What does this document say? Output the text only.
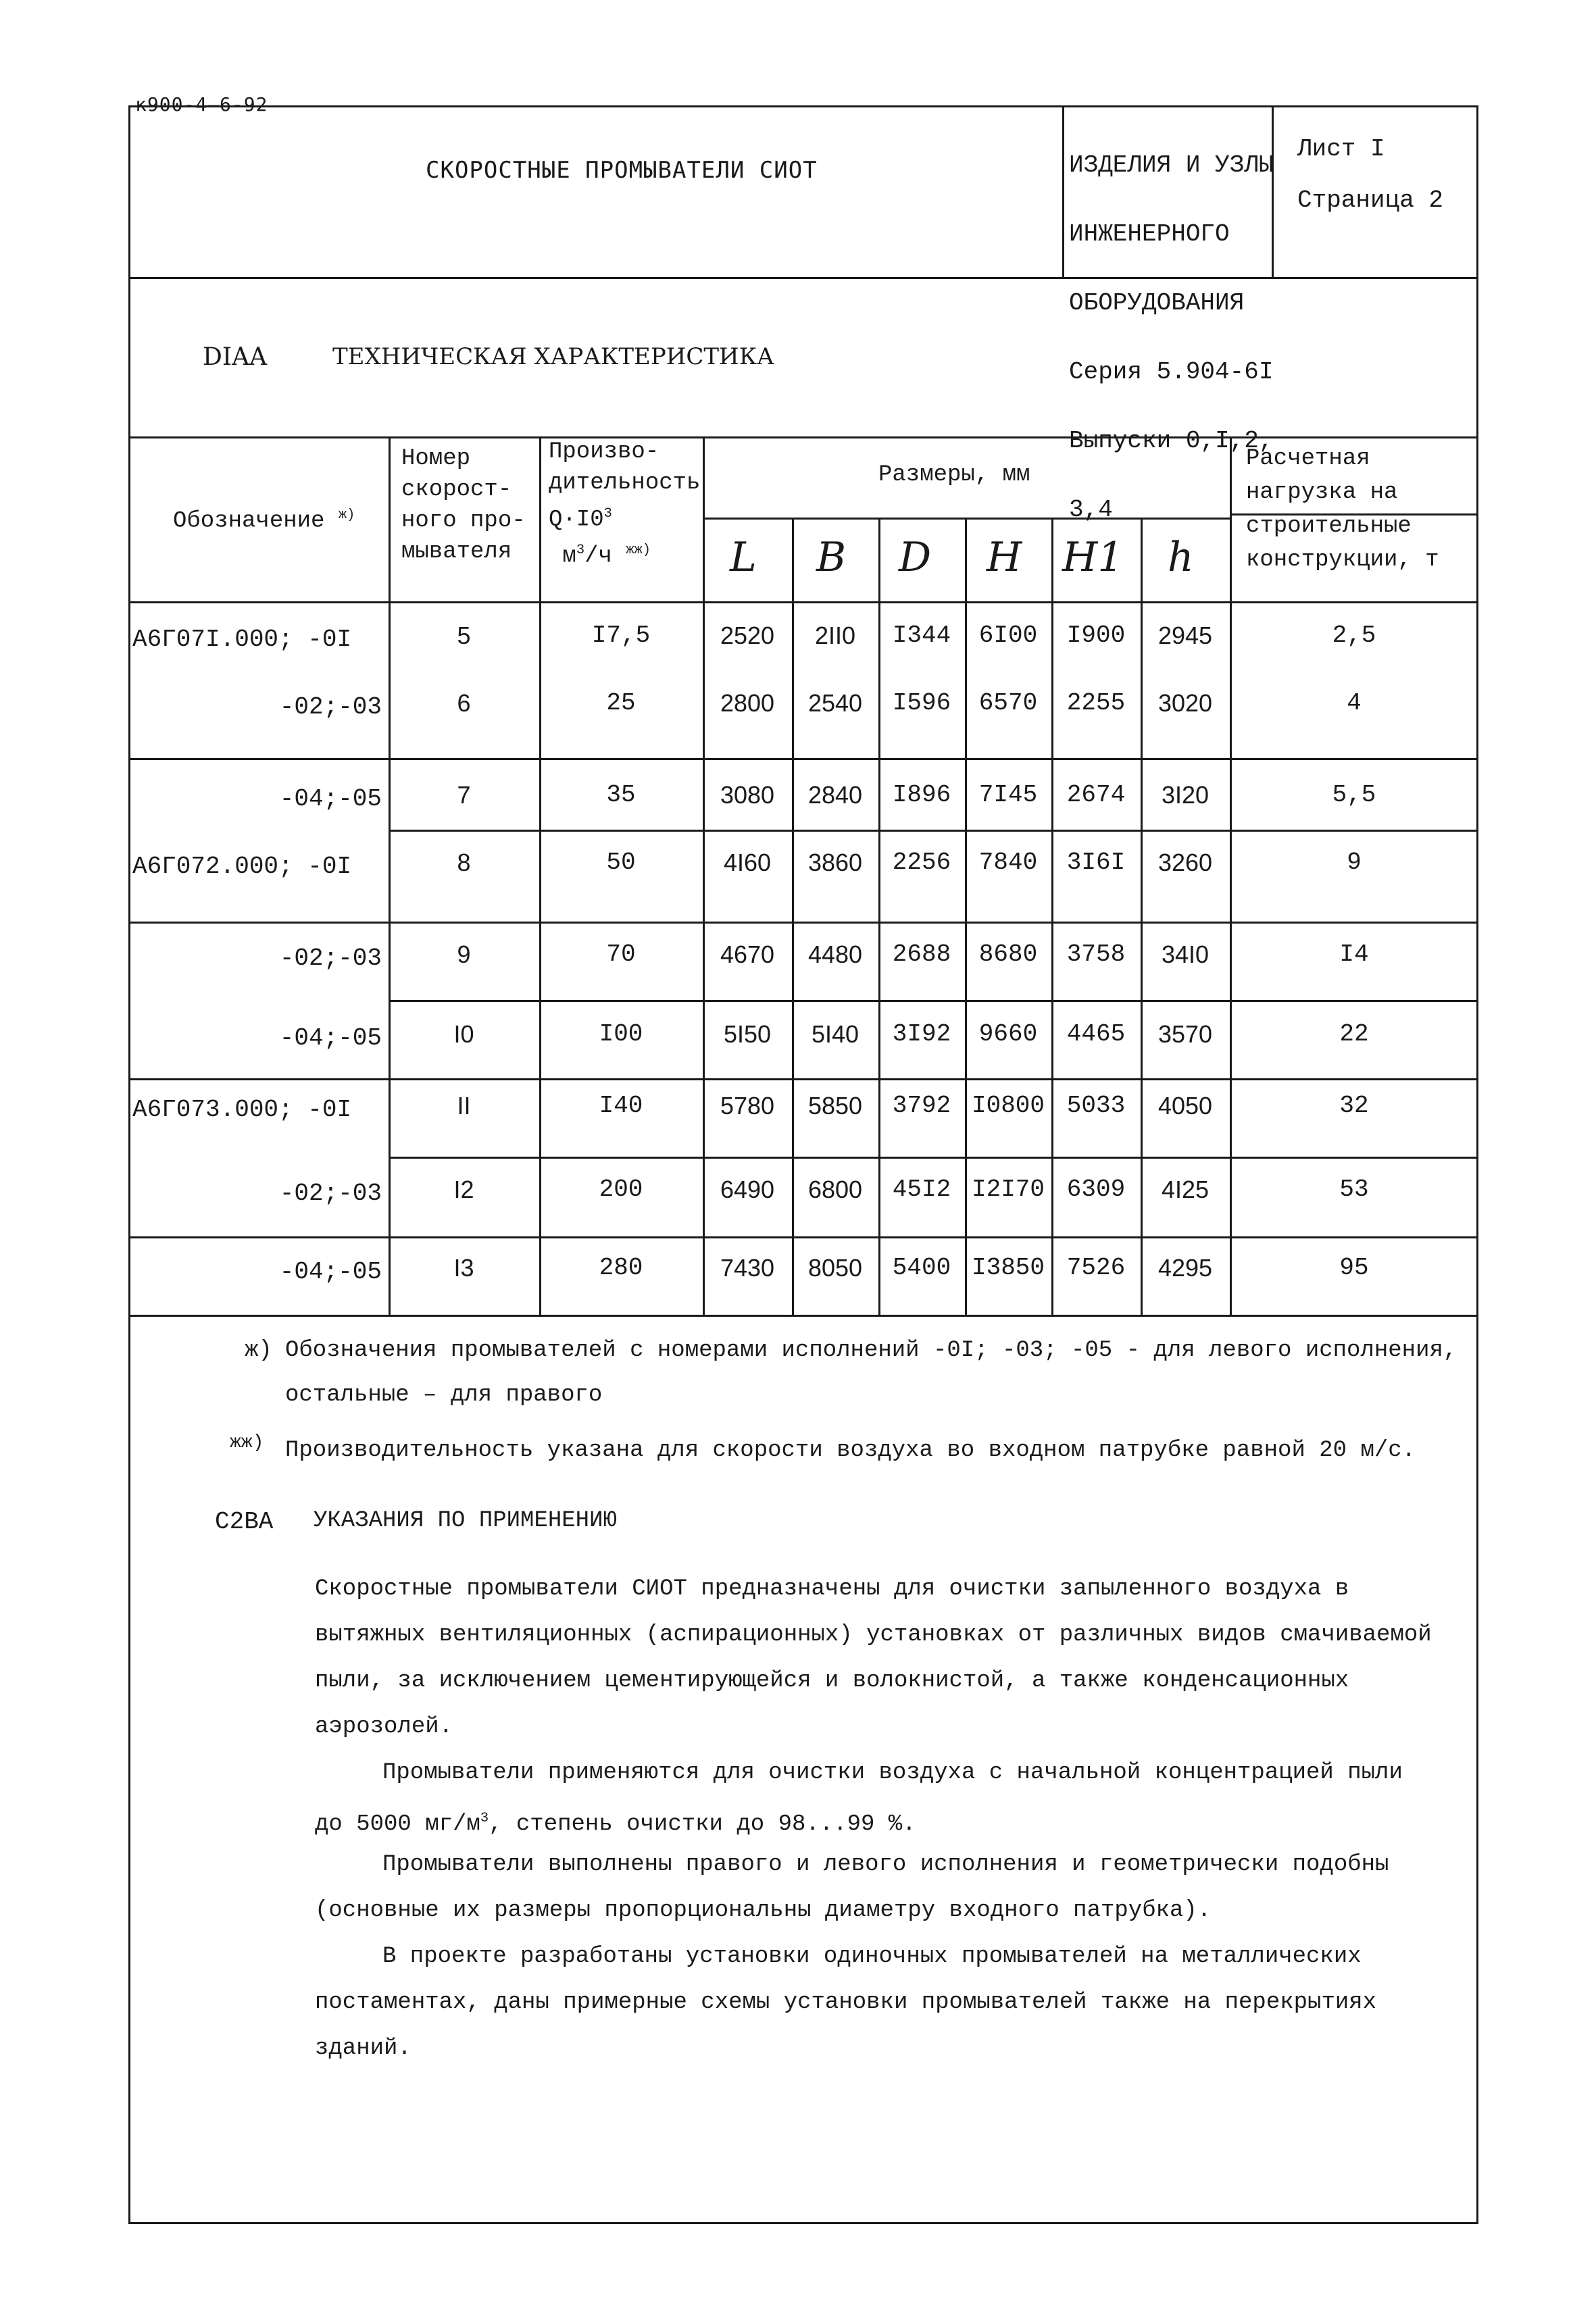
к900-4—6-92
СКОРОСТНЫЕ ПРОМЫВАТЕЛИ СИОТ

	ИЗДЕЛИЯ И УЗЛЫ

ИНЖЕНЕРНОГО

ОБОРУДОВАНИЯ

Серия 5.904-6I

Выпуски 0,I,2,

3,4

Лист I
Страница 2
DIAA	ТЕХНИЧЕСКАЯ ХАРАКТЕРИСТИКА
Обозначение $^{ж)}$
Номер
скорост-
ного про-
мывателя
Произво-
дительность
$Q\cdot I0^3$
$м^3/ч$ $^{жж)}$
Размеры, мм
L B D H H1 h
Расчетная
нагрузка на
строительные
конструкции, т
А6Г07I.000; -0I	5	I7,5	2520	2II0	I344	6I00	I900	2945	2,5
-02;-03	6	25	2800	2540	I596	6570	2255	3020	4
-04;-05	7	35	3080	2840	I896	7I45	2674	3I20	5,5
А6Г072.000; -0I	8	50	4I60	3860	2256	7840	3I6I	3260	9
-02;-03	9	70	4670	4480	2688	8680	3758	34I0	I4
-04;-05	I0	I00	5I50	5I40	3I92	9660	4465	3570	22
А6Г073.000; -0I	II	I40	5780	5850	3792 I0800 5033	4050	32
-02;-03	I2	200	6490	6800	45I2 I2I70 6309	4I25	53
-04;-05	I3	280	7430	8050	5400 I3850 7526	4295	95
ж) Обозначения промывателей с номерами исполнений -0I; -03; -05 - для левого исполнения,
остальные – для правого
жж) Производительность указана для скорости воздуха во входном патрубке равной 20 м/с.
С2ВА УКАЗАНИЯ ПО ПРИМЕНЕНИЮ
Скоростные промыватели СИОТ предназначены для очистки запыленного воздуха в
вытяжных вентиляционных (аспирационных) установках от различных видов смачиваемой
пыли, за исключением цементирующейся и волокнистой, а также конденсационных
аэрозолей.
Промыватели применяются для очистки воздуха с начальной концентрацией пыли
до 5000 $мг/м^3$, степень очистки до 98...99 %.
Промыватели выполнены правого и левого исполнения и геометрически подобны
(основные их размеры пропорциональны диаметру входного патрубка).
В проекте разработаны установки одиночных промывателей на металлических
постаментах, даны примерные схемы установки промывателей также на перекрытиях
зданий.
